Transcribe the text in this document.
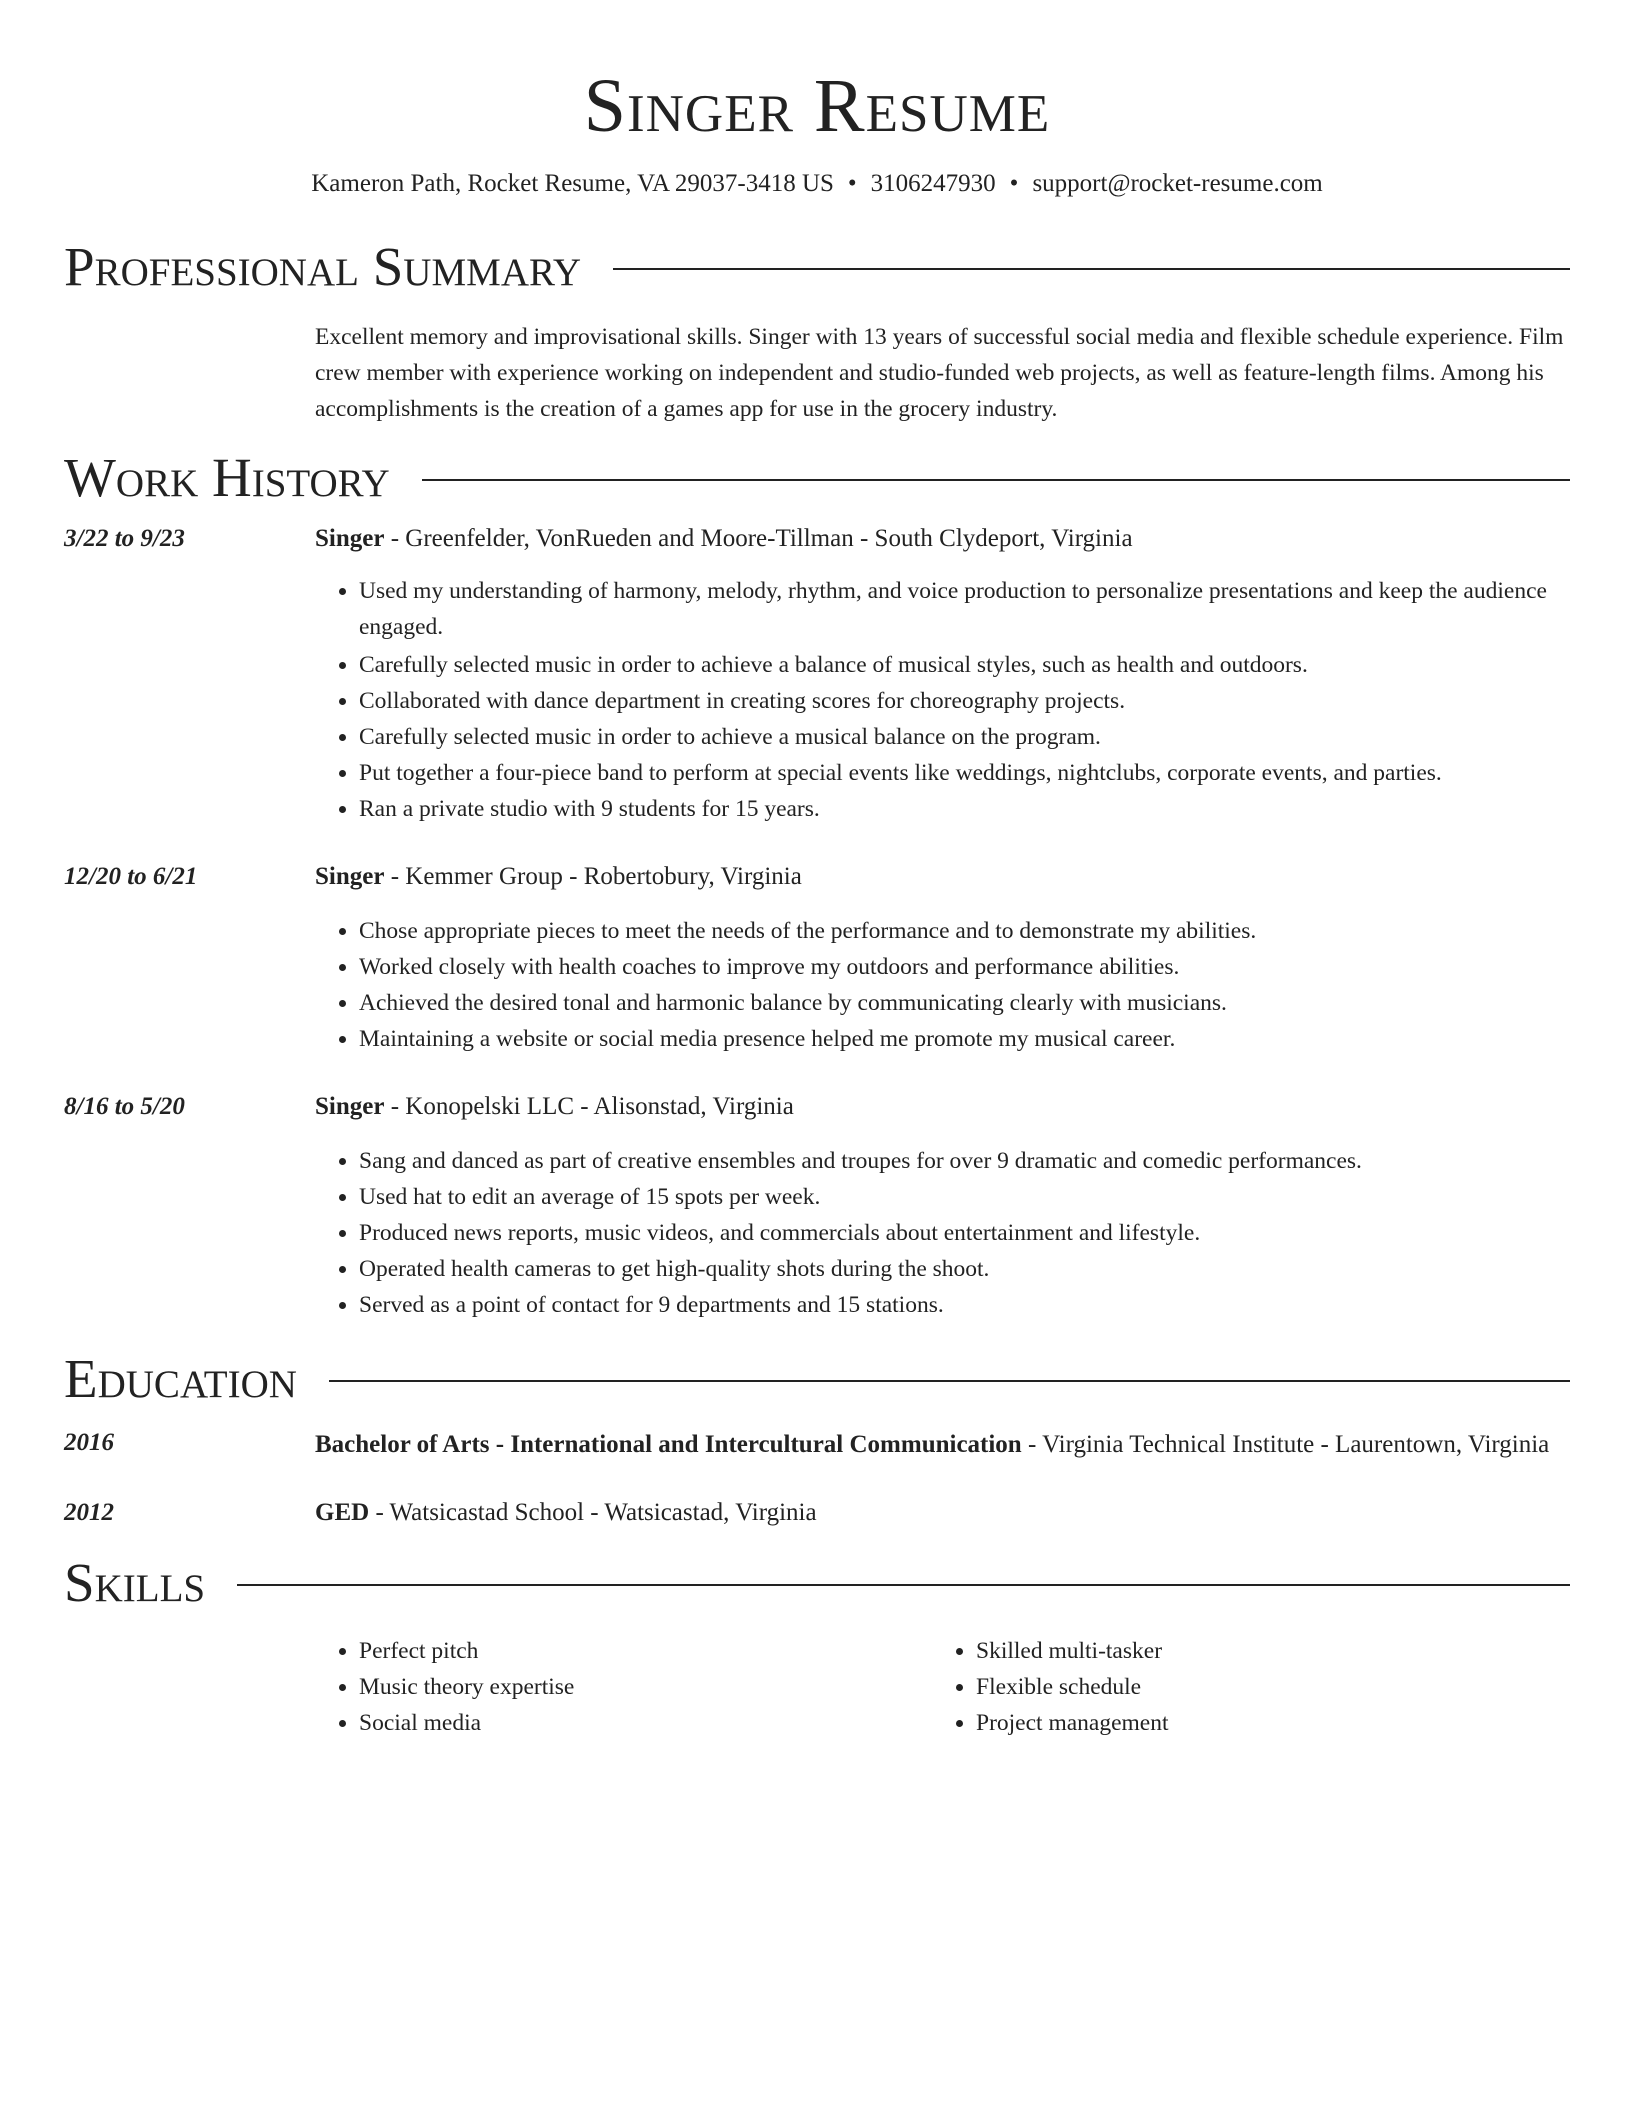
Singer Resume
Kameron Path, Rocket Resume, VA 29037-3418 US • 3106247930 • support@rocket-resume.com
Professional Summary
Excellent memory and improvisational skills. Singer with 13 years of successful social media and flexible schedule experience. Film crew member with experience working on independent and studio-funded web projects, as well as feature-length films. Among his accomplishments is the creation of a games app for use in the grocery industry.
Work History
3/22 to 9/23	Singer - Greenfelder, VonRueden and Moore-Tillman - South Clydeport, Virginia
• Used my understanding of harmony, melody, rhythm, and voice production to personalize presentations and keep the audience engaged.
• Carefully selected music in order to achieve a balance of musical styles, such as health and outdoors.
• Collaborated with dance department in creating scores for choreography projects.
• Carefully selected music in order to achieve a musical balance on the program.
• Put together a four-piece band to perform at special events like weddings, nightclubs, corporate events, and parties.
• Ran a private studio with 9 students for 15 years.
12/20 to 6/21	Singer - Kemmer Group - Robertobury, Virginia
• Chose appropriate pieces to meet the needs of the performance and to demonstrate my abilities.
• Worked closely with health coaches to improve my outdoors and performance abilities.
• Achieved the desired tonal and harmonic balance by communicating clearly with musicians.
• Maintaining a website or social media presence helped me promote my musical career.
8/16 to 5/20	Singer - Konopelski LLC - Alisonstad, Virginia
• Sang and danced as part of creative ensembles and troupes for over 9 dramatic and comedic performances.
• Used hat to edit an average of 15 spots per week.
• Produced news reports, music videos, and commercials about entertainment and lifestyle.
• Operated health cameras to get high-quality shots during the shoot.
• Served as a point of contact for 9 departments and 15 stations.
Education
2016	Bachelor of Arts - International and Intercultural Communication - Virginia Technical Institute - Laurentown, Virginia
2012	GED - Watsicastad School - Watsicastad, Virginia
Skills
• Perfect pitch
• Music theory expertise
• Social media
• Skilled multi-tasker
• Flexible schedule
• Project management
